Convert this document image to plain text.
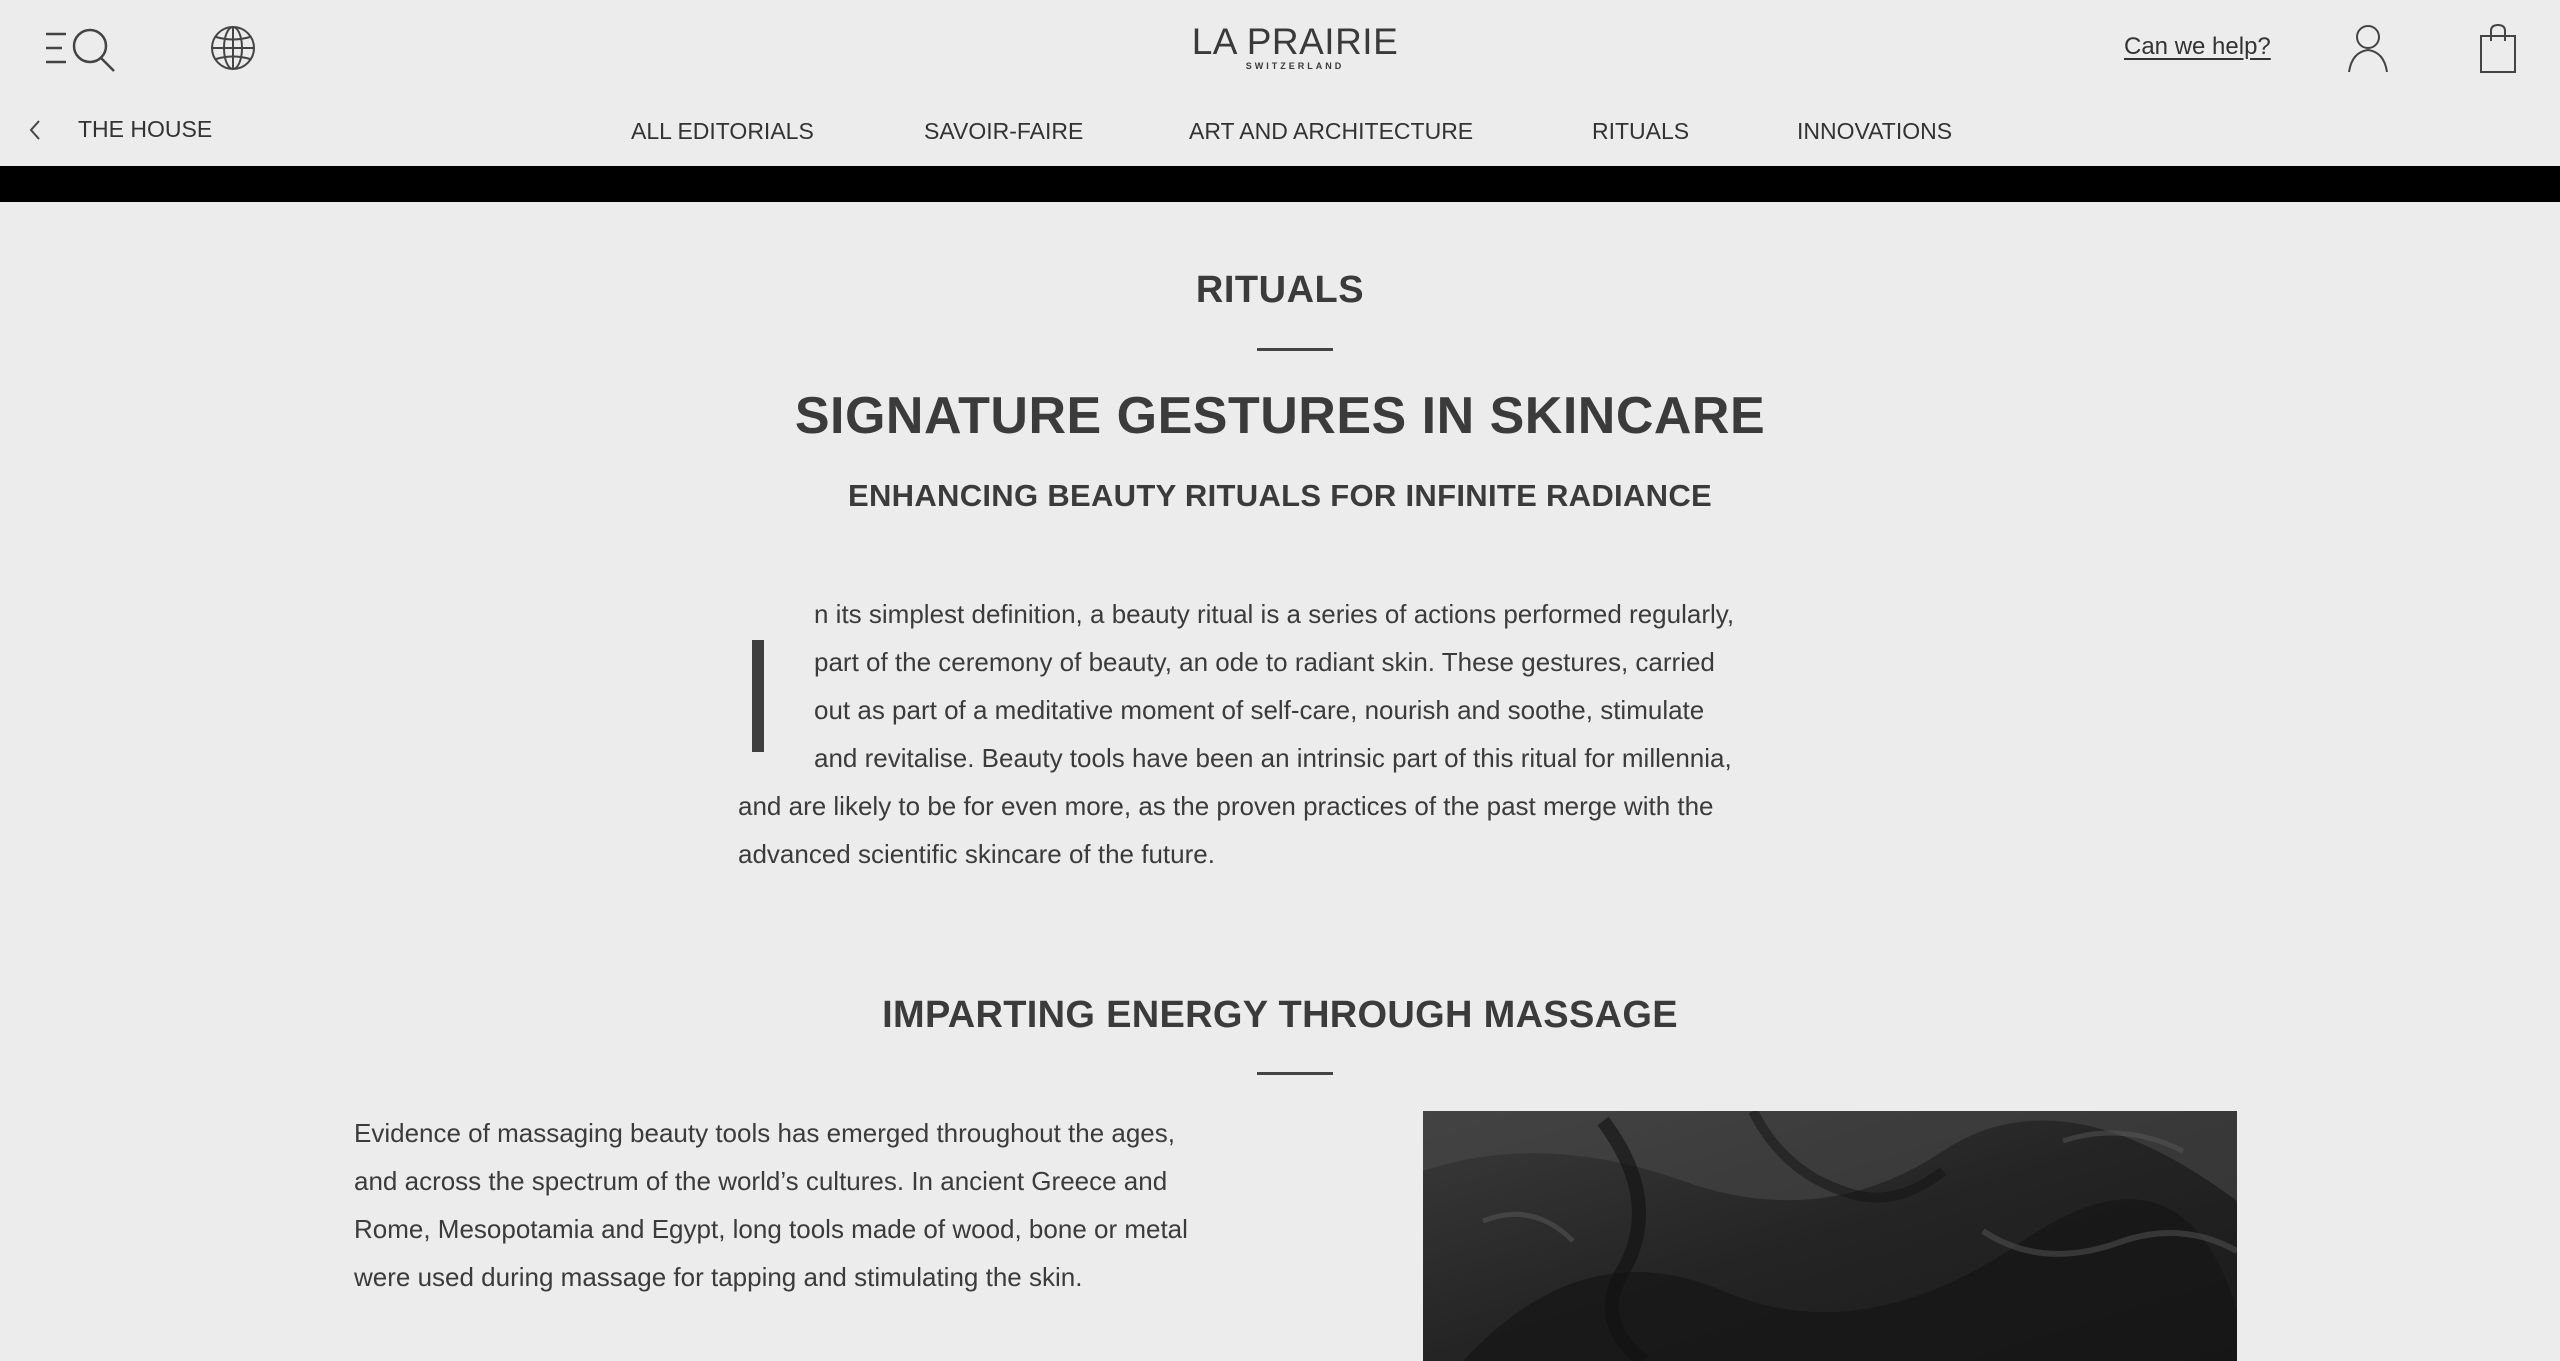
LA PRAIRIE
SWITZERLAND
Can we help?
THE HOUSE	ALL EDITORIALS	SAVOIR-FAIRE	ART AND ARCHITECTURE	RITUALS	INNOVATIONS
RITUALS
SIGNATURE GESTURES IN SKINCARE
ENHANCING BEAUTY RITUALS FOR INFINITE RADIANCE
n its simplest definition, a beauty ritual is a series of actions performed regularly,
part of the ceremony of beauty, an ode to radiant skin. These gestures, carried
out as part of a meditative moment of self-care, nourish and soothe, stimulate
and revitalise. Beauty tools have been an intrinsic part of this ritual for millennia,
and are likely to be for even more, as the proven practices of the past merge with the
advanced scientific skincare of the future.
IMPARTING ENERGY THROUGH MASSAGE
Evidence of massaging beauty tools has emerged throughout the ages,
and across the spectrum of the world’s cultures. In ancient Greece and
Rome, Mesopotamia and Egypt, long tools made of wood, bone or metal
were used during massage for tapping and stimulating the skin.
